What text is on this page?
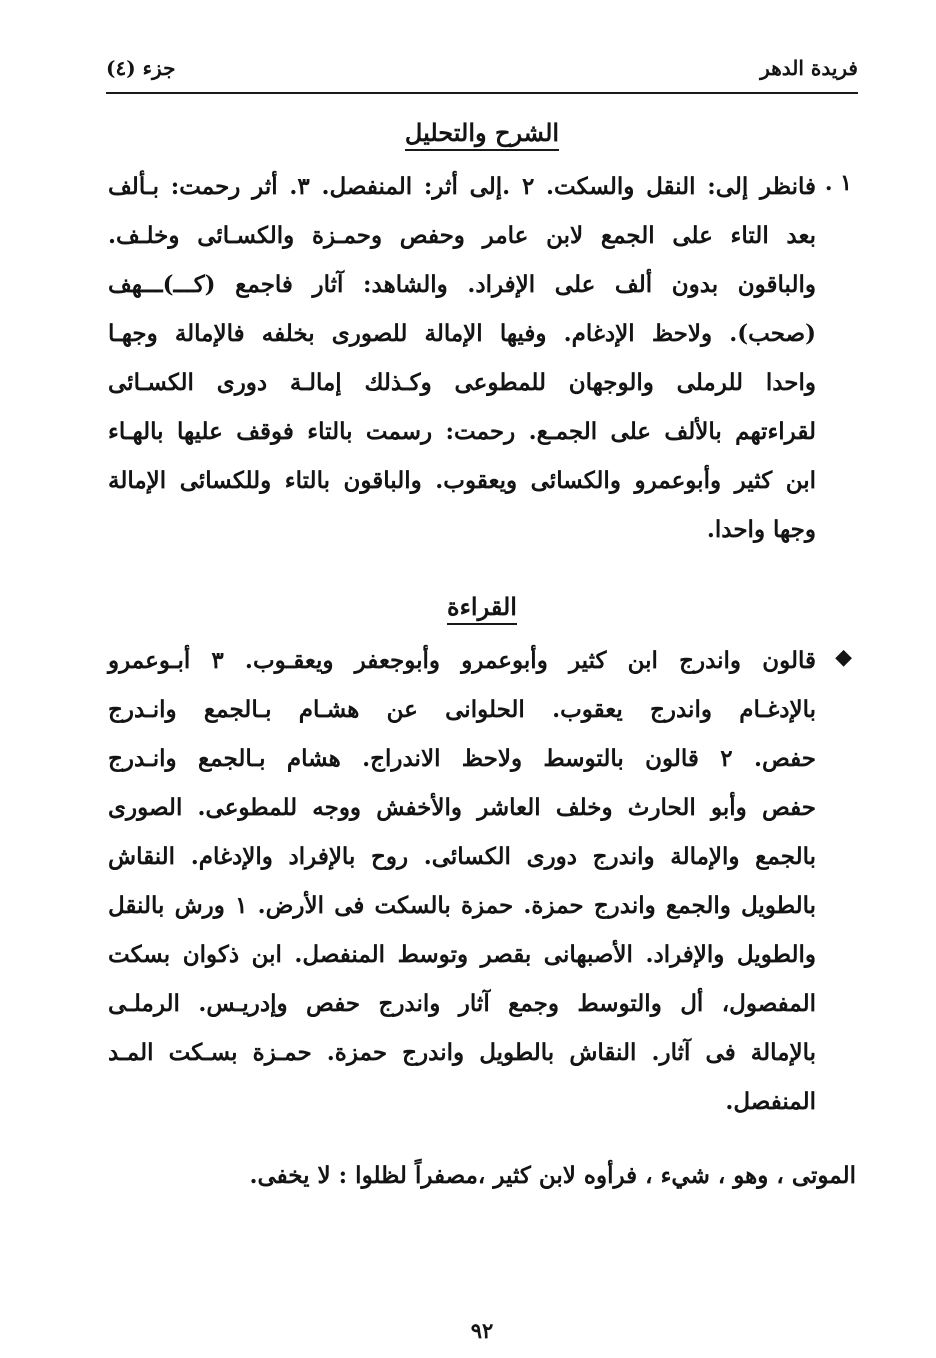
فريدة الدهر
جزء (٤)
الشرح والتحليل
١ .
فانظر إلى: النقل والسكت. ٢ .إلى أثر: المنفصل. ٣. أثر رحمت: بـألف
بعد التاء على الجمع لابن عامر وحفص وحمـزة والكسـائى وخلـف.
والباقون بدون ألف على الإفراد. والشاهد: آثار فاجمع (كـــ)ـــهف
(صحب). ولاحظ الإدغام. وفيها الإمالة للصورى بخلفه فالإمالة وجهـا
واحدا للرملى والوجهان للمطوعى وكـذلك إمالـة دورى الكسـائى
لقراءتهم بالألف على الجمـع. رحمت: رسمت بالتاء فوقف عليها بالهـاء
ابن كثير وأبوعمرو والكسائى ويعقوب. والباقون بالتاء وللكسائى الإمالة
وجها واحدا.
القراءة
◆
قالون واندرج ابن كثير وأبوعمرو وأبوجعفر ويعقـوب. ٣ أبـوعمرو
بالإدغـام واندرج يعقوب. الحلوانى عن هشـام بـالجمع وانـدرج
حفص. ٢ قالون بالتوسط ولاحظ الاندراج. هشام بـالجمع وانـدرج
حفص وأبو الحارث وخلف العاشر والأخفش ووجه للمطوعى. الصورى
بالجمع والإمالة واندرج دورى الكسائى. روح بالإفراد والإدغام. النقاش
بالطويل والجمع واندرج حمزة. حمزة بالسكت فى الأرض. ١ ورش بالنقل
والطويل والإفراد. الأصبهانى بقصر وتوسط المنفصل. ابن ذكوان بسكت
المفصول، أل والتوسط وجمع آثار واندرج حفص وإدريـس. الرملـى
بالإمالة فى آثار. النقاش بالطويل واندرج حمزة. حمـزة بسـكت المـد
المنفصل.
الموتى ، وهو ، شيء ، فرأوه لابن كثير ،مصفراً لظلوا : لا يخفى.
٩٢
